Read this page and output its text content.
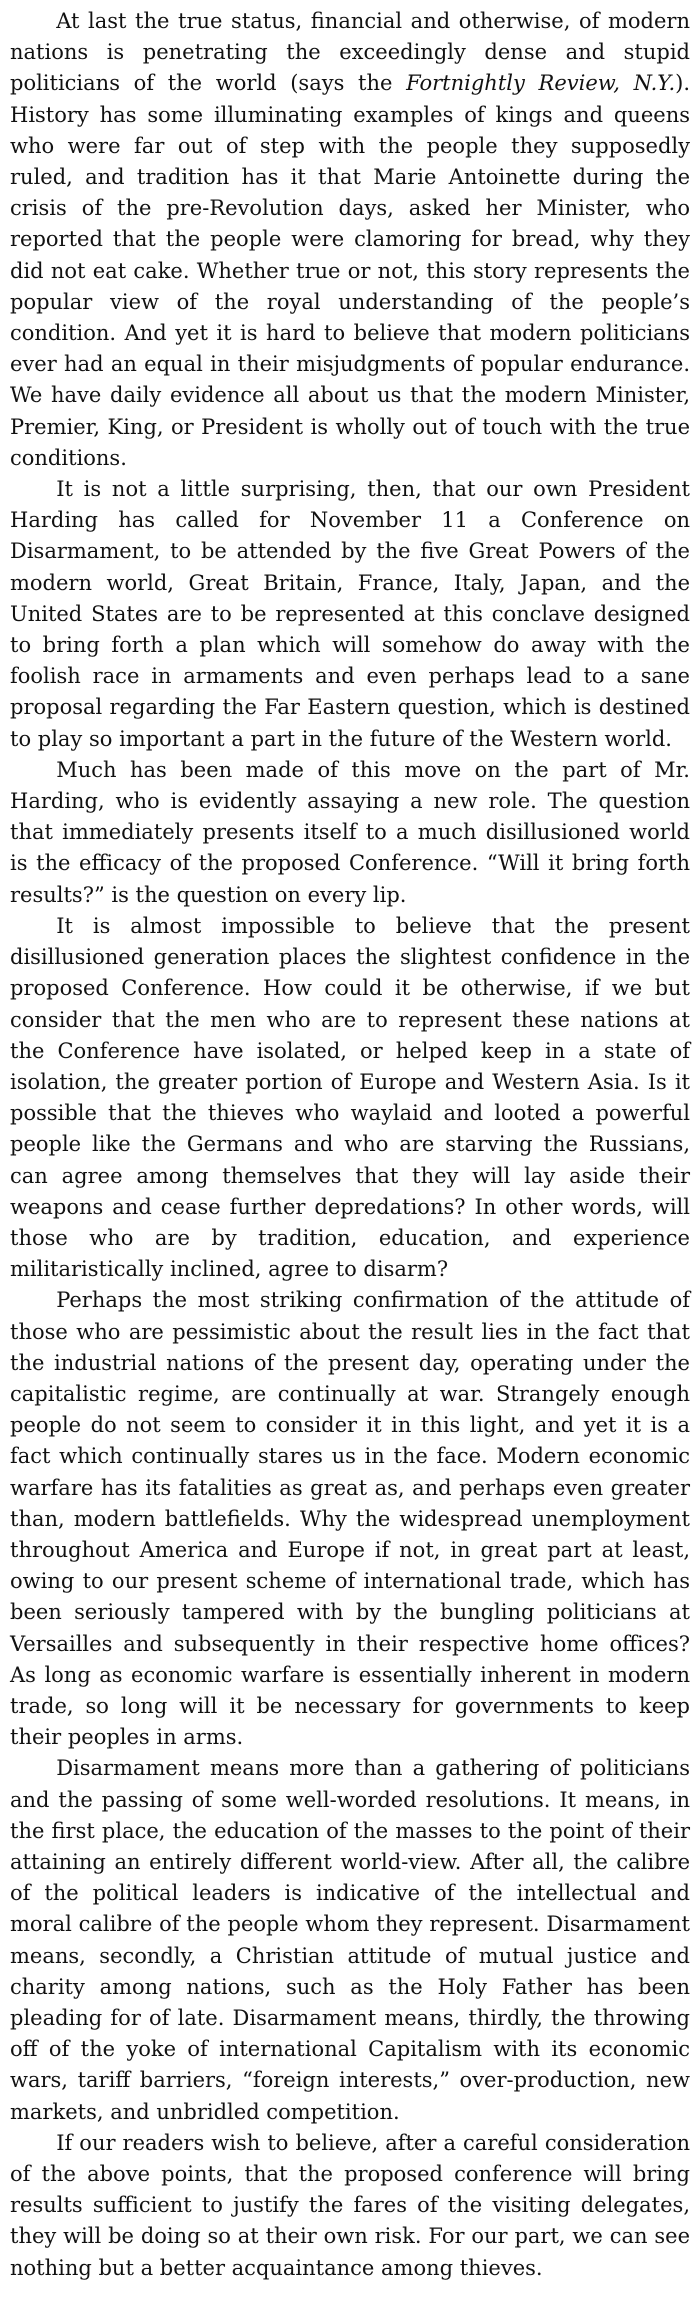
At last the true status, financial and otherwise, of modern nations is penetrating the exceedingly dense and stupid politicians of the world (says the Fortnightly Review, N.Y.). History has some illuminating examples of kings and queens who were far out of step with the people they supposedly ruled, and tradition has it that Marie Antoinette during the crisis of the pre-Revolution days, asked her Minister, who reported that the people were clamoring for bread, why they did not eat cake. Whether true or not, this story represents the popular view of the royal understanding of the people’s condition. And yet it is hard to believe that modern politicians ever had an equal in their misjudgments of popular endurance. We have daily evidence all about us that the modern Minister, Premier, King, or President is wholly out of touch with the true conditions.

It is not a little surprising, then, that our own President Harding has called for November 11 a Conference on Disarmament, to be attended by the five Great Powers of the modern world, Great Britain, France, Italy, Japan, and the United States are to be represented at this conclave designed to bring forth a plan which will somehow do away with the foolish race in armaments and even perhaps lead to a sane proposal regarding the Far Eastern question, which is destined to play so important a part in the future of the Western world.

Much has been made of this move on the part of Mr. Harding, who is evidently assaying a new role. The question that immediately presents itself to a much disillusioned world is the efficacy of the proposed Conference. “Will it bring forth results?” is the question on every lip.

It is almost impossible to believe that the present disillusioned generation places the slightest confidence in the proposed Conference. How could it be otherwise, if we but consider that the men who are to represent these nations at the Conference have isolated, or helped keep in a state of isolation, the greater portion of Europe and Western Asia. Is it possible that the thieves who waylaid and looted a powerful people like the Germans and who are starving the Russians, can agree among themselves that they will lay aside their weapons and cease further depredations? In other words, will those who are by tradition, education, and experience militaristically inclined, agree to disarm?

Perhaps the most striking confirmation of the attitude of those who are pessimistic about the result lies in the fact that the industrial nations of the present day, operating under the capitalistic regime, are continually at war. Strangely enough people do not seem to consider it in this light, and yet it is a fact which continually stares us in the face. Modern economic warfare has its fatalities as great as, and perhaps even greater than, modern battlefields. Why the widespread unemployment throughout America and Europe if not, in great part at least, owing to our present scheme of international trade, which has been seriously tampered with by the bungling politicians at Versailles and subsequently in their respective home offices? As long as economic warfare is essentially inherent in modern trade, so long will it be necessary for governments to keep their peoples in arms.

Disarmament means more than a gathering of politicians and the passing of some well-worded resolutions. It means, in the first place, the education of the masses to the point of their attaining an entirely different world-view. After all, the calibre of the political leaders is indicative of the intellectual and moral calibre of the people whom they represent. Disarmament means, secondly, a Christian attitude of mutual justice and charity among nations, such as the Holy Father has been pleading for of late. Disarmament means, thirdly, the throwing off of the yoke of international Capitalism with its economic wars, tariff barriers, “foreign interests,” over-production, new markets, and unbridled competition.

If our readers wish to believe, after a careful consideration of the above points, that the proposed conference will bring results sufficient to justify the fares of the visiting delegates, they will be doing so at their own risk. For our part, we can see nothing but a better acquaintance among thieves.
